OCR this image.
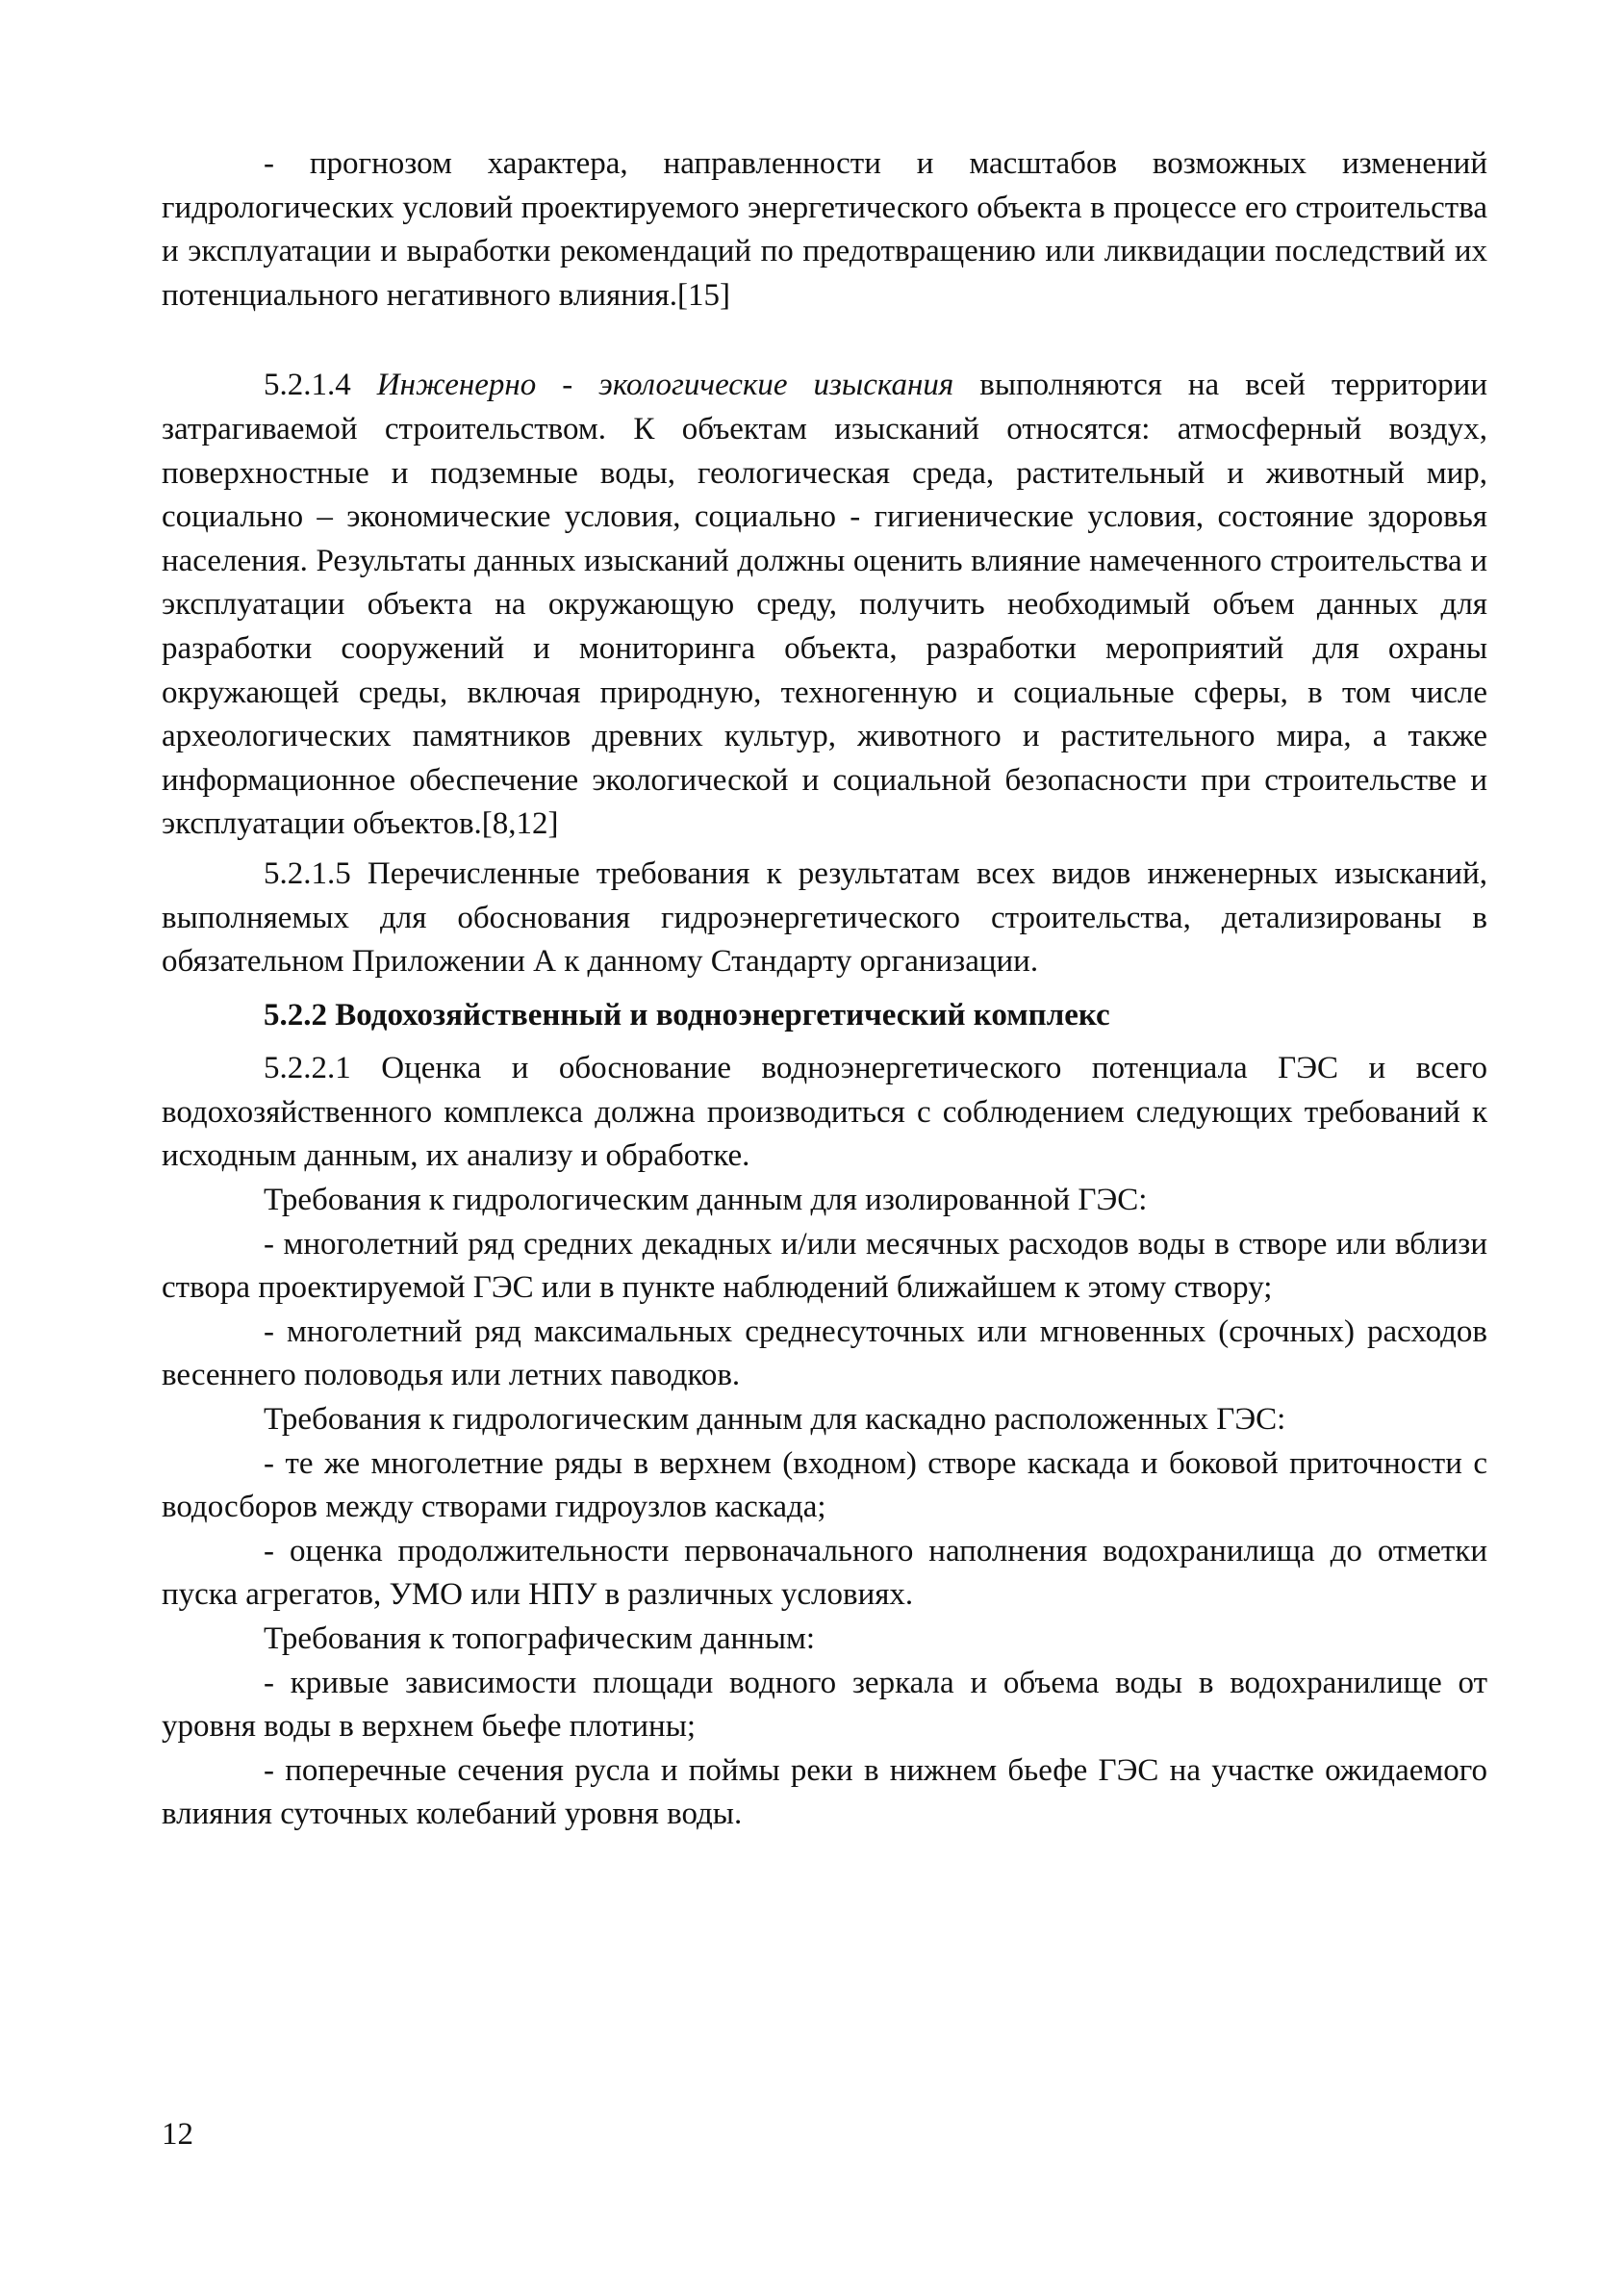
- прогнозом характера, направленности и масштабов возможных изменений гидрологических условий проектируемого энергетического объекта в процессе его строительства и эксплуатации и выработки рекомендаций по предотвращению или ликвидации последствий их потенциального негативного влияния.[15]

5.2.1.4 Инженерно - экологические изыскания выполняются на всей территории затрагиваемой строительством. К объектам изысканий относятся: атмосферный воздух, поверхностные и подземные воды, геологическая среда, растительный и животный мир, социально – экономические условия, социально - гигиенические условия, состояние здоровья населения. Результаты данных изысканий должны оценить влияние намеченного строительства и эксплуатации объекта на окружающую среду, получить необходимый объем данных для разработки сооружений и мониторинга объекта, разработки мероприятий для охраны окружающей среды, включая природную, техногенную и социальные сферы, в том числе археологических памятников древних культур, животного и растительного мира, а также информационное обеспечение экологической и социальной безопасности при строительстве и эксплуатации объектов.[8,12]

5.2.1.5 Перечисленные требования к результатам всех видов инженерных изысканий, выполняемых для обоснования гидроэнергетического строительства, детализированы в обязательном Приложении А к данному Стандарту организации.

5.2.2 Водохозяйственный и водноэнергетический комплекс

5.2.2.1 Оценка и обоснование водноэнергетического потенциала ГЭС и всего водохозяйственного комплекса должна производиться с соблюдением следующих требований к исходным данным, их анализу и обработке.

Требования к гидрологическим данным для изолированной ГЭС:

- многолетний ряд средних декадных и/или месячных расходов воды в створе или вблизи створа проектируемой ГЭС или в пункте наблюдений ближайшем к этому створу;

- многолетний ряд максимальных среднесуточных или мгновенных (срочных) расходов весеннего половодья или летних паводков.

Требования к гидрологическим данным для каскадно расположенных ГЭС:

- те же многолетние ряды в верхнем (входном) створе каскада и боковой приточности с водосборов между створами гидроузлов каскада;

- оценка продолжительности первоначального наполнения водохранилища до отметки пуска агрегатов, УМО или НПУ в различных условиях.

Требования к топографическим данным:

- кривые зависимости площади водного зеркала и объема воды в водохранилище от уровня воды в верхнем бьефе плотины;

- поперечные сечения русла и поймы реки в нижнем бьефе ГЭС на участке ожидаемого влияния суточных колебаний уровня воды.

12
